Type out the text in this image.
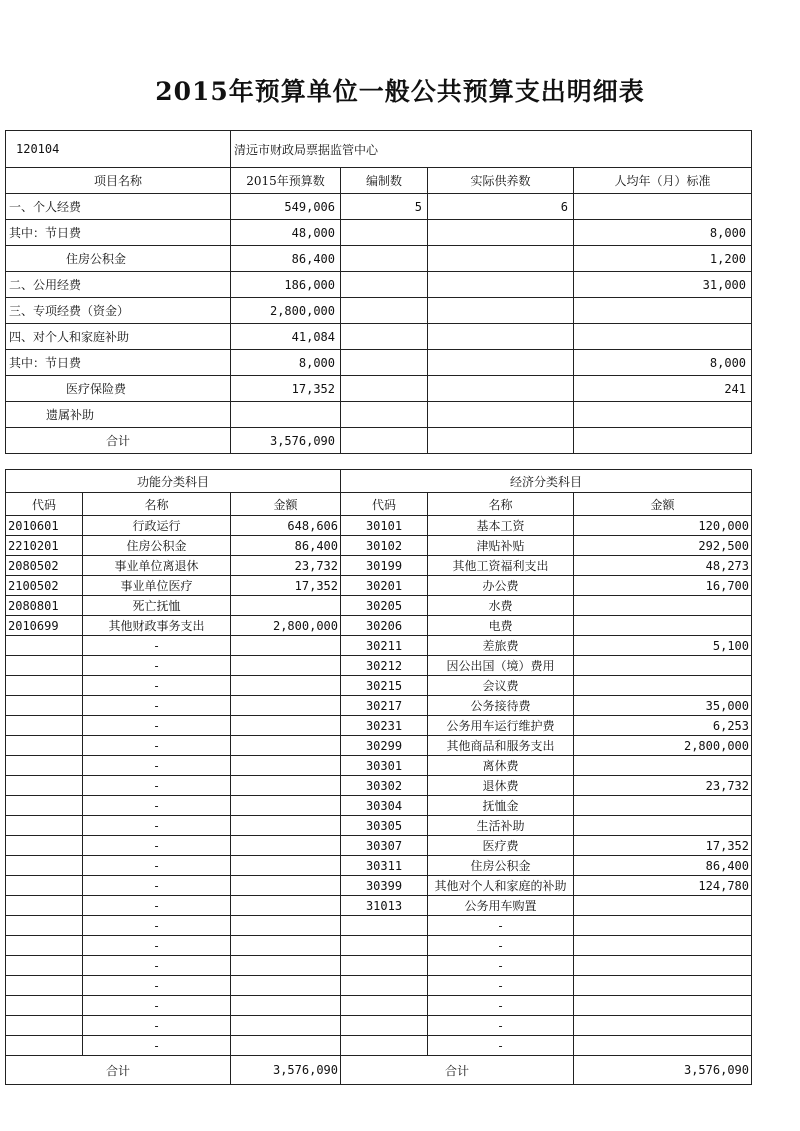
2015年预算单位一般公共预算支出明细表
120104	清远市财政局票据监管中心			
项目名称	2015年预算数	编制数	实际供养数	人均年（月）标准
一、个人经费	549,006	5	6	
其中：节日费	48,000			8,000
住房公积金	86,400			1,200
二、公用经费	186,000			31,000
三、专项经费（资金）	2,800,000			
四、对个人和家庭补助	41,084			
其中：节日费	8,000			8,000
医疗保险费	17,352			241
遗属补助				
合计	3,576,090			
功能分类科目			经济分类科目		
代码	名称	金额	代码	名称	金额
2010601	行政运行	648,606	30101	基本工资	120,000
2210201	住房公积金	86,400	30102	津贴补贴	292,500
2080502	事业单位离退休	23,732	30199	其他工资福利支出	48,273
2100502	事业单位医疗	17,352	30201	办公费	16,700
2080801	死亡抚恤		30205	水费	
2010699	其他财政事务支出	2,800,000	30206	电费	
	-		30211	差旅费	5,100
	-		30212	因公出国（境）费用	
	-		30215	会议费	
	-		30217	公务接待费	35,000
	-		30231	公务用车运行维护费	6,253
	-		30299	其他商品和服务支出	2,800,000
	-		30301	离休费	
	-		30302	退休费	23,732
	-		30304	抚恤金	
	-		30305	生活补助	
	-		30307	医疗费	17,352
	-		30311	住房公积金	86,400
	-		30399	其他对个人和家庭的补助	124,780
	-		31013	公务用车购置	
	-			-	
	-			-	
	-			-	
	-			-	
	-			-	
	-			-	
	-			-	
合计		3,576,090	合计		3,576,090
